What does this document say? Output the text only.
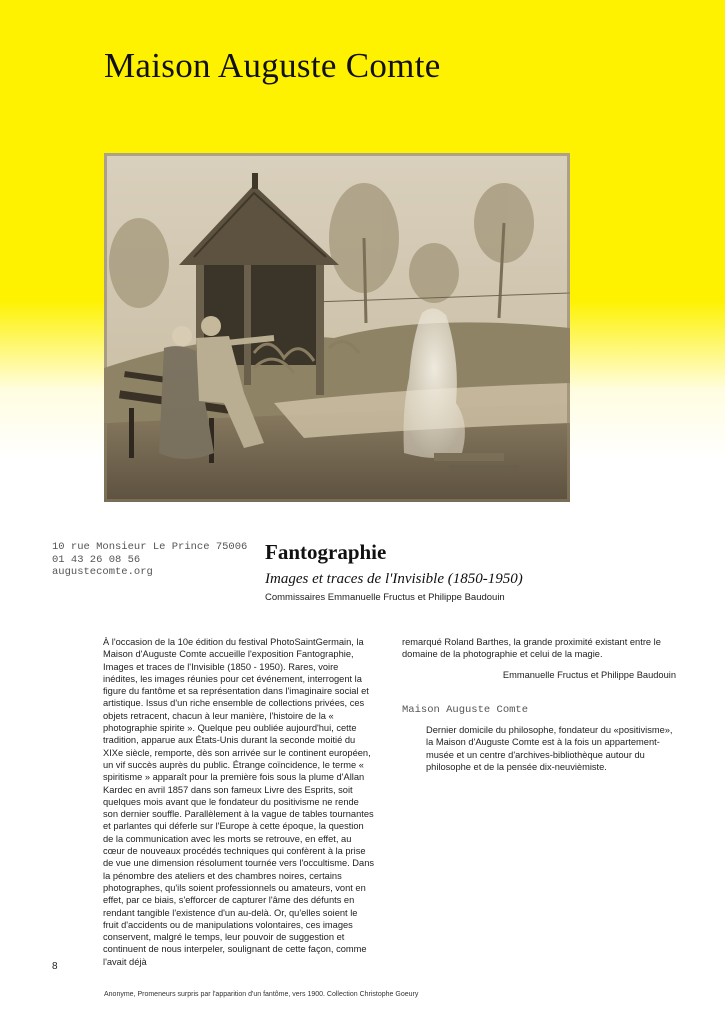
Maison Auguste Comte
10 rue Monsieur Le Prince 75006
01 43 26 08 56
augustecomte.org
Fantographie
Images et traces de l'Invisible (1850-1950)
Commissaires Emmanuelle Fructus et Philippe Baudouin

À l'occasion de la 10e édition du festival PhotoSaintGermain, la Maison d'Auguste Comte accueille l'exposition Fantographie, Images et traces de l'Invisible (1850 - 1950). Rares, voire inédites, les images réunies pour cet événement, interrogent la figure du fantôme et sa représentation dans l'imaginaire social et artistique. Issus d'un riche ensemble de collections privées, ces objets retracent, chacun à leur manière, l'histoire de la « photographie spirite ». Quelque peu oubliée aujourd'hui, cette tradition, apparue aux États-Unis durant la seconde moitié du XIXe siècle, remporte, dès son arrivée sur le continent européen, un vif succès auprès du public. Étrange coïncidence, le terme « spiritisme » apparaît pour la première fois sous la plume d'Allan Kardec en avril 1857 dans son fameux Livre des Esprits, soit quelques mois avant que le fondateur du positivisme ne rende son dernier souffle. Parallèlement à la vague de tables tournantes et parlantes qui déferle sur l'Europe à cette époque, la question de la communication avec les morts se retrouve, en effet, au cœur de nouveaux procédés techniques qui confèrent à la prise de vue une dimension résolument tournée vers l'occultisme. Dans la pénombre des ateliers et des chambres noires, certains photographes, qu'ils soient professionnels ou amateurs, vont en effet, par ce biais, s'efforcer de capturer l'âme des défunts en rendant tangible l'existence d'un au-delà. Or, qu'elles soient le fruit d'accidents ou de manipulations volontaires, ces images conservent, malgré le temps, leur pouvoir de suggestion et continuent de nous interpeler, soulignant de cette façon, comme l'avait déjà

remarqué Roland Barthes, la grande proximité existant entre le domaine de la photographie et celui de la magie.

Emmanuelle Fructus et Philippe Baudouin

Maison Auguste Comte
Dernier domicile du philosophe, fondateur du «positivisme», la Maison d'Auguste Comte est à la fois un appartement-musée et un centre d'archives-bibliothèque autour du philosophe et de la pensée dix-neuvièmiste.
8
Anonyme, Promeneurs surpris par l'apparition d'un fantôme, vers 1900. Collection Christophe Goeury
